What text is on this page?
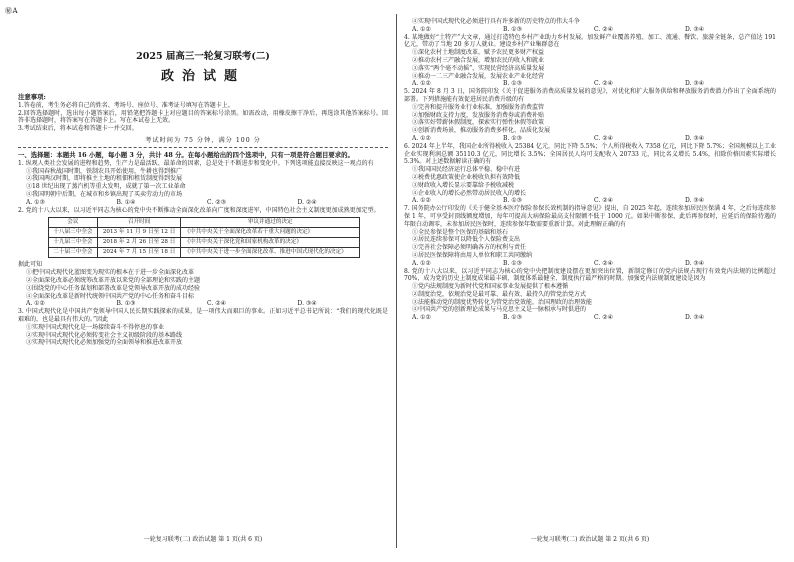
㊙A
2025 届高三一轮复习联考(二)
政治试题

注意事项:

1.答卷前，考生务必将自己的姓名、考场号、座位号、准考证号填写在答题卡上。

2.回答选择题时，选出每小题答案后，用铅笔把答题卡上对应题目的答案标号涂黑。如需改动，用橡皮擦干净后，再选涂其他答案标号。回答非选择题时，将答案写在答题卡上。写在本试卷上无效。

3.考试结束后，将本试卷和答题卡一并交回。

考试时间为 75 分钟，满分 100 分

一、选择题：本题共 16 小题，每小题 3 分，共计 48 分。在每小题给出的四个选项中，只有一项是符合题目要求的。

1. 纵观人类社会发展的进程和趋势，生产力是最活跃、最革命的因素，总是处于不断进步和变化中。下列选项能直接反映这一观点的有

①我国春秋战国时期，铁制农具开始使用，牛耕也得到推广

②我国两汉时期，即将推主土地的租佃和租赁制度得到发展

③18 世纪出现了蒸汽机等重大发明，成就了第一次工业革命

④我国明朝中后期，在城市和乡镇出现了买卖劳动力的市场

A. ①③	B. ①④	C. ②③	D. ②④

2. 党的十八大以来，以习近平同志为核心的党中央不断推动全面深化改革向广度和深度进军，中国特色社会主义制度更加成熟更加定型。

会议	召开时间	审议并通过的决定
十八届三中全会	2013 年 11 月 9 日至 12 日	《中共中央关于全面深化改革若干重大问题的决定》
十九届三中全会	2018 年 2 月 26 日至 28 日	《中共中央关于深化党和国家机构改革的决定》
二十届三中全会	2024 年 7 月 15 日至 18 日	《中共中央关于进一步全面深化改革、推进中国式现代化的决定》

据此可知

①把中国式现代化蓝图变为现实的根本在于进一步全面深化改革

②全面深化改革必须统筹改革开放以来党的全部理论和实践的主题

③围绕党的中心任务谋划和部署改革是党领导改革开放的成功经验

④全面深化改革是新时代统领中国共产党的中心任务和奋斗目标

A. ①②	B. ①③	C. ②④	D. ③④

3. 中国式现代化是中国共产党领导中国人民长期实践探索的成果，是一项伟大而艰巨的事业。正如习近平总书记所说：“我们的现代化既是艰难的，也是最具有伟大的。”因此

①实现中国式现代化是一场接续奋斗不得停息的事业

②实现中国式现代化必须转变社会主义初级阶段的基本路线

③实现中国式现代化必须加强党的全面领导和推进改革开放

④实现中国式现代化必须进行具有许多新的历史特点的伟大斗争

A. ①②	B. ①③	C. ②④	D. ③④

4. 某地做好“土特产”大文章，通过打造特色乡村产业助力乡村发展。加发鲜产业覆盖养殖、加工、流通、餐饮、旅游全链条，总产值达 191 亿元，带动了当地 20 多万人就业。建设乡村产业集群意在

①深化农村土地制度改革，赋予农民更多财产权益

②推动农村三产融合发展，增加农民的收入和就业

③落实“两个毫不动摇”，实现民营经济高质量发展

④推动一二三产业融合发展，发展农业产业化经营

A. ①②	B. ①③	C. ②④	D. ③④

5. 2024 年 8 月 3 日，国务院印发《关于促进服务消费高质量发展的意见》，对优化和扩大服务供给和释放服务消费潜力作出了全面系统的部署。下列措施能有效促进居民消费升级的有

①完善和提升服务业行业标准，加强服务消费监管

②加强财政支持力度，发放服务消费券或消费补贴

③落实好带薪休假制度，探索实行弹性休假等政策

④创新消费场景，推动服务消费多样化、品质化发展

A. ①②	B. ①③	C. ②④	D. ③④

6. 2024 年上半年，我国企业所得税收入 25384 亿元，同比下降 5.5%；个人所得税收入 7358 亿元，同比下降 5.7%；全国规模以上工业企业实现利润总额 35110.3 亿元，同比增长 3.5%；全国居民人均可支配收入 20733 元，同比名义增长 5.4%，扣除价格因素实际增长 5.3%。对上述数据解读正确的有

①我国国民经济运行总体平稳、稳中有进

②税费优惠政策使企业税收负担有效降低

③财政收入增长显示要靠给予税收减税

④企业收入的增长必然带动居民收入的增长

A. ①②	B. ①③	C. ②④	D. ③④

7. 国务院办公厅印发的《关于健全基本医疗保险参保长效机制的指导意见》提出，自 2025 年起，连续参加居民医保满 4 年，之后每连续参保 1 年，可享受封顶线额度增加，每年可提高大病保险最高支付限额不低于 1000 元。如果中断参保，此后再参保时，应延后的保险待遇的年限白动调零，未参加居民医保时，连续参保年数需要重新计算。对此理解正确的有

①全民参保是整个医保的基础和基石

②居民连续参保可以降低个人保险费支出

③完善社会保障必须明确各方的权利与责任

④居民医保保障将由用人单位和职工共同缴纳

A. ①②	B. ①③	C. ②④	D. ③④

8. 党的十八大以来，以习近平同志为核心的党中央把制度建设摆在更加突出位置，新制定修订的党内法规占现行有效党内法规的比例超过 70%，成为党的历史上制度成果最丰硕、制度体系最健全、制度执行最严格的时期。加强党内法规制度建设是因为

①党内法规制度为新时代党和国家事业发展提供了根本遵循

②制度治党，依规治党是最可靠、最有效、最持久的管党治党方式

③法能推动党的制度优势转化为管党治党效能，治国理政的治理效能

④中国共产党的创新理论成果与马克思主义是一脉相承与时俱进的

A. ①②	B. ①③	C. ②④	D. ③④
一轮复习联考(二) 政治试题 第 1 页(共 6 页)	一轮复习联考(二) 政治试题 第 2 页(共 6 页)
